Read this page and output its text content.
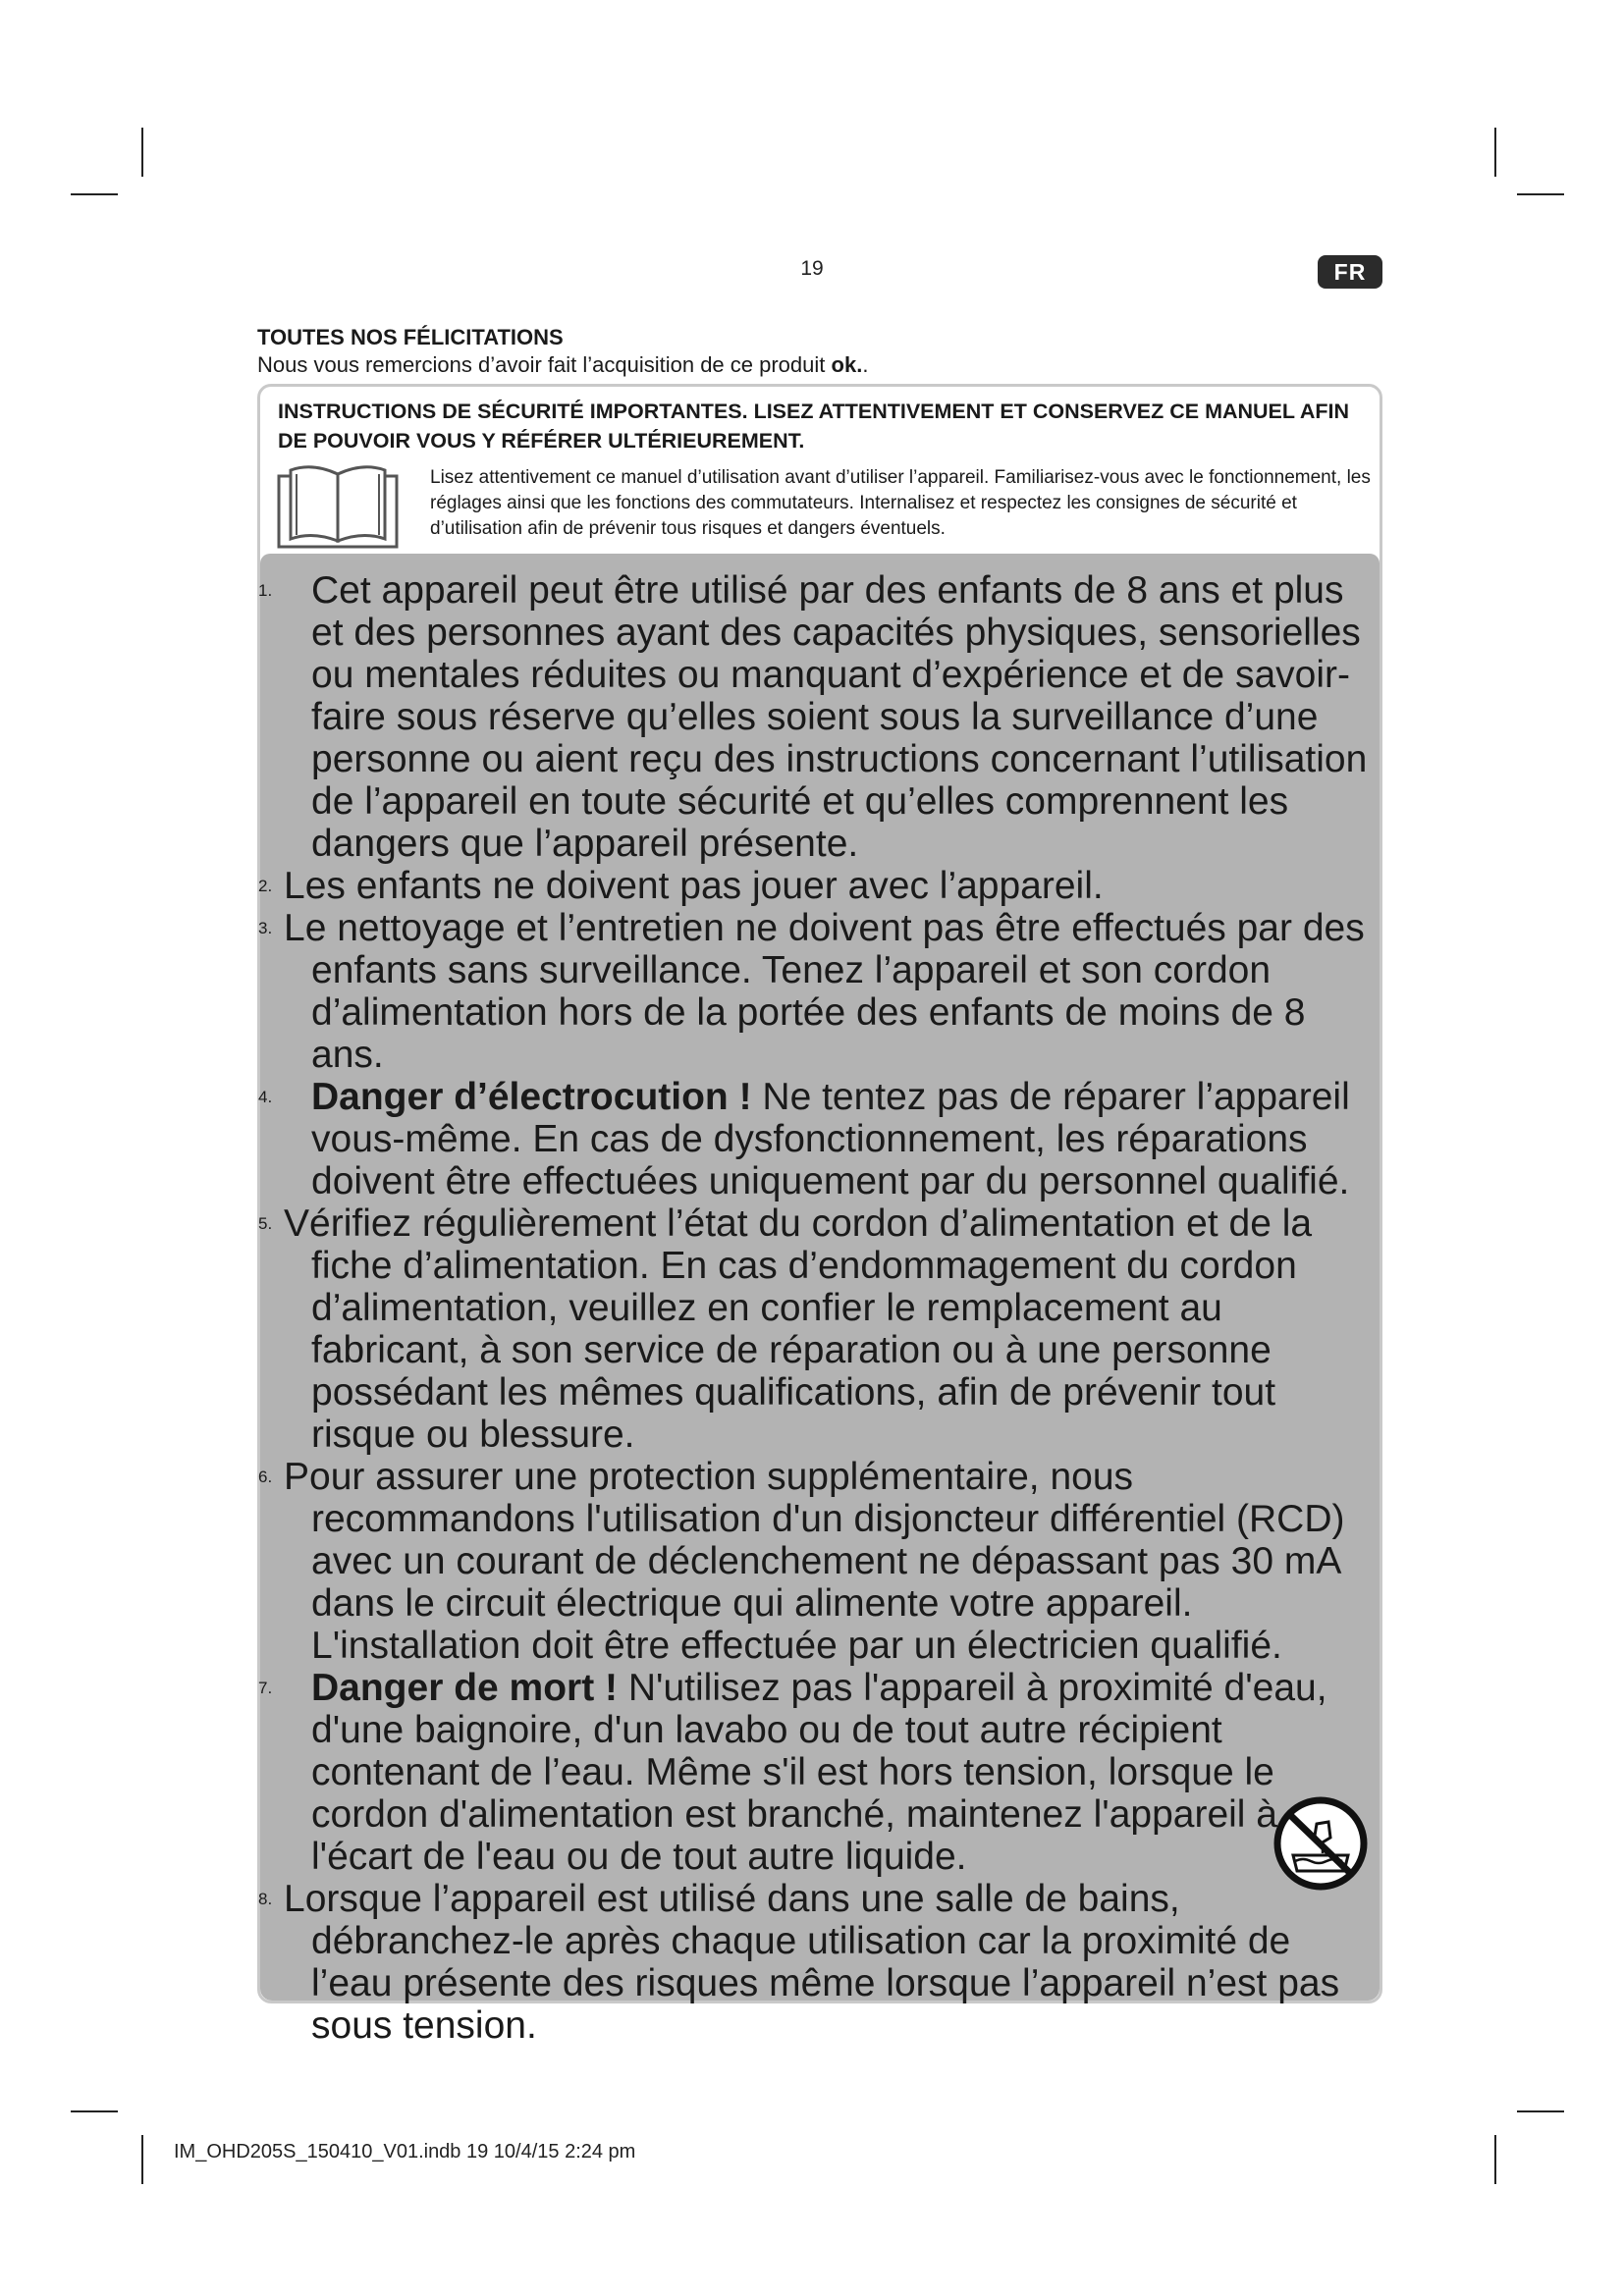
19	FR

TOUTES NOS FÉLICITATIONS

Nous vous remercions d’avoir fait l’acquisition de ce produit ok..

INSTRUCTIONS DE SÉCURITÉ IMPORTANTES. LISEZ ATTENTIVEMENT ET CONSERVEZ CE MANUEL AFIN DE POUVOIR VOUS Y RÉFÉRER ULTÉRIEUREMENT.

Lisez attentivement ce manuel d’utilisation avant d’utiliser l’appareil. Familiarisez-vous avec le fonctionnement, les réglages ainsi que les fonctions des commutateurs. Internalisez et respectez les consignes de sécurité et d’utilisation afin de prévenir tous risques et dangers éventuels.

1. Cet appareil peut être utilisé par des enfants de 8 ans et plus et des personnes ayant des capacités physiques, sensorielles ou mentales réduites ou manquant d’expérience et de savoir-faire sous réserve qu’elles soient sous la surveillance d’une personne ou aient reçu des instructions concernant l’utilisation de l’appareil en toute sécurité et qu’elles comprennent les dangers que l’appareil présente.
2. Les enfants ne doivent pas jouer avec l’appareil.
3. Le nettoyage et l’entretien ne doivent pas être effectués par des enfants sans surveillance. Tenez l’appareil et son cordon d’alimentation hors de la portée des enfants de moins de 8 ans.
4. Danger d’électrocution ! Ne tentez pas de réparer l’appareil vous-même. En cas de dysfonctionnement, les réparations doivent être effectuées uniquement par du personnel qualifié.
5. Vérifiez régulièrement l’état du cordon d’alimentation et de la fiche d’alimentation. En cas d’endommagement du cordon d’alimentation, veuillez en confier le remplacement au fabricant, à son service de réparation ou à une personne possédant les mêmes qualifications, afin de prévenir tout risque ou blessure.
6. Pour assurer une protection supplémentaire, nous recommandons l'utilisation d'un disjoncteur différentiel (RCD) avec un courant de déclenchement ne dépassant pas 30 mA dans le circuit électrique qui alimente votre appareil. L'installation doit être effectuée par un électricien qualifié.
7. Danger de mort ! N'utilisez pas l'appareil à proximité d'eau, d'une baignoire, d'un lavabo ou de tout autre récipient contenant de l’eau. Même s'il est hors tension, lorsque le cordon d'alimentation est branché, maintenez l'appareil à l'écart de l'eau ou de tout autre liquide.
8. Lorsque l’appareil est utilisé dans une salle de bains, débranchez-le après chaque utilisation car la proximité de l’eau présente des risques même lorsque l’appareil n’est pas sous tension.
IM_OHD205S_150410_V01.indb 19 10/4/15 2:24 pm
